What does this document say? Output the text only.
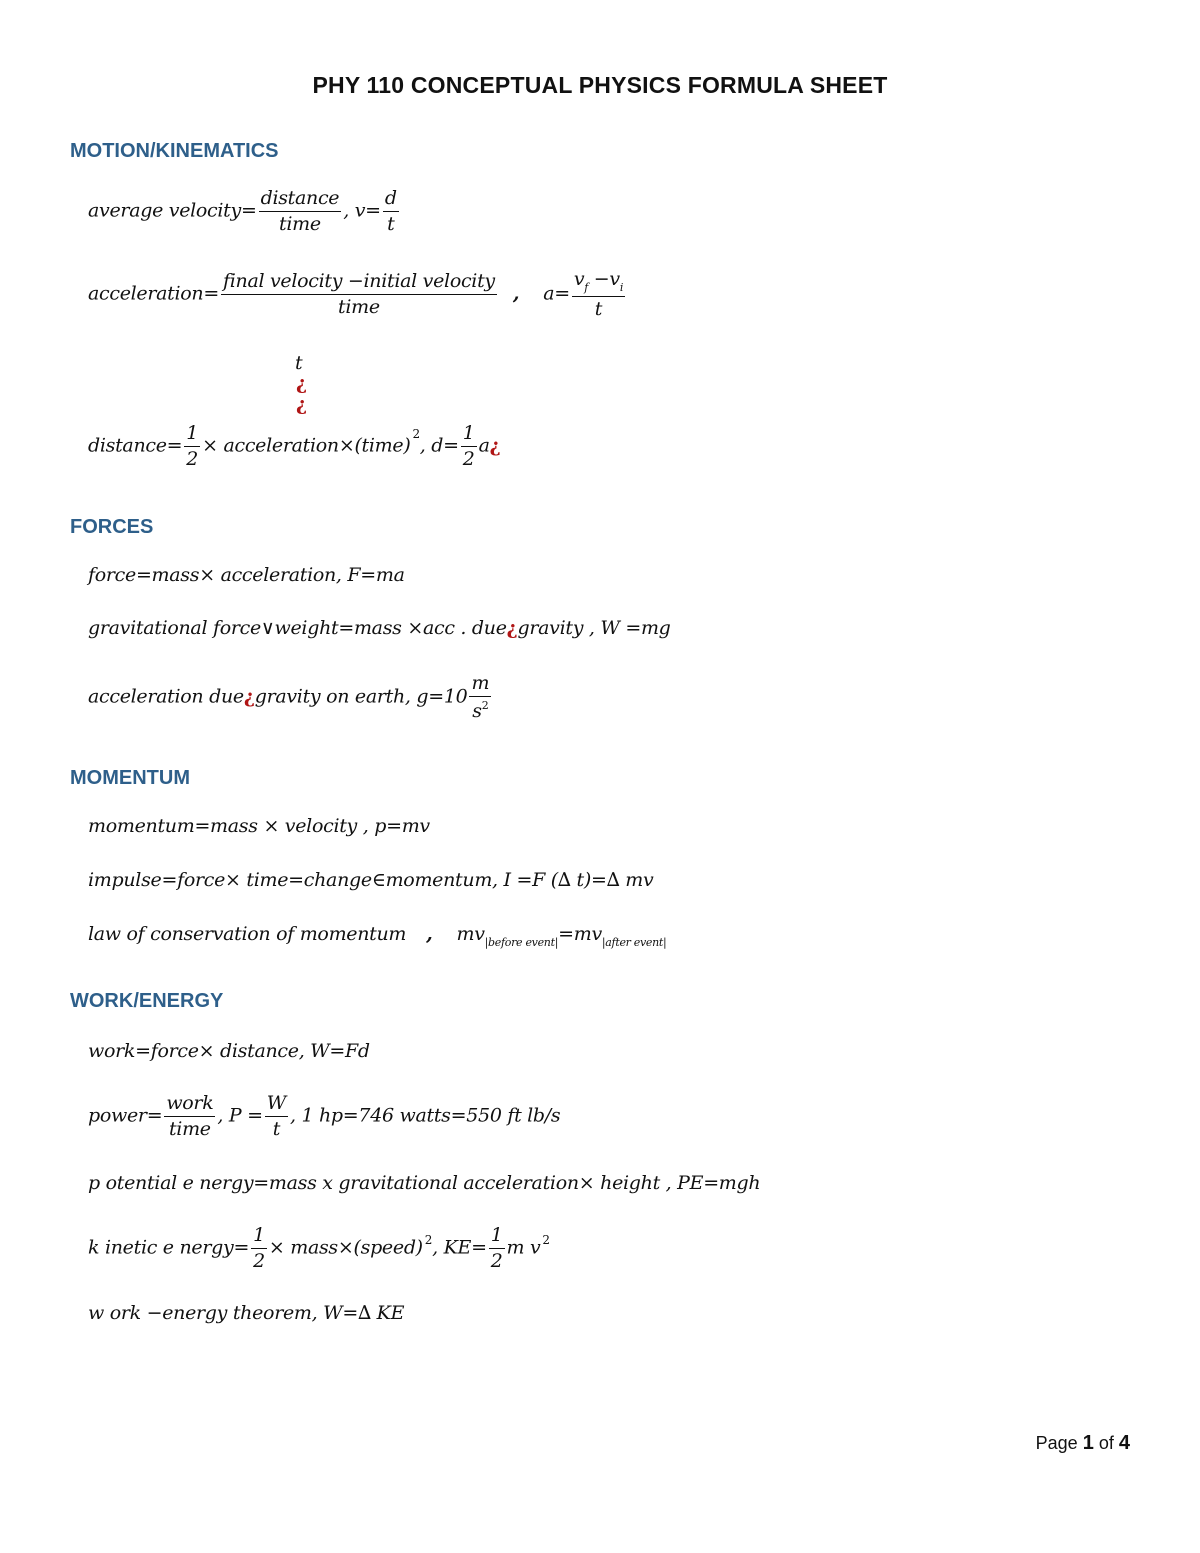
PHY 110 CONCEPTUAL PHYSICS FORMULA SHEET
MOTION/KINEMATICS
average velocity= $\frac{\text{distance}}{\text{time}}$ , $v= \frac{d}{t}$
acceleration= $\frac{\text{final velocity −initial velocity}}{\text{time}}$ , $a= \frac{v_f -v_i}{t}$
t
¿
¿
distance= $\frac{1}{2}$ × acceleration×(time)$^2$, $d= \frac{1}{2}$ a¿
FORCES
force=mass× acceleration, F=ma
gravitational force∨weight=mass ×acc . due¿gravity , W =mg
acceleration due¿gravity on earth, $g=10 \frac{m}{s^2}$
MOMENTUM
momentum=mass × velocity , p=mv
impulse=force× time=change∈momentum, I =F (∆ t)=∆ mv
law of conservation of momentum , $mv_{|before event|}=mv_{|after event|}$
WORK/ENERGY
work=force× distance, W=Fd
power= $\frac{\text{work}}{\text{time}}$ , $P = \frac{W}{t}$ , 1 hp=746 watts=550 ft lb/s
p otential e nergy=mass x gravitational acceleration× height , PE=mgh
k inetic e nergy= $\frac{1}{2}$ × mass×(speed) $^2$, $KE= \frac{1}{2}$ m v $^2$
w ork −energy theorem, W=∆ KE
Page 1 of 4
